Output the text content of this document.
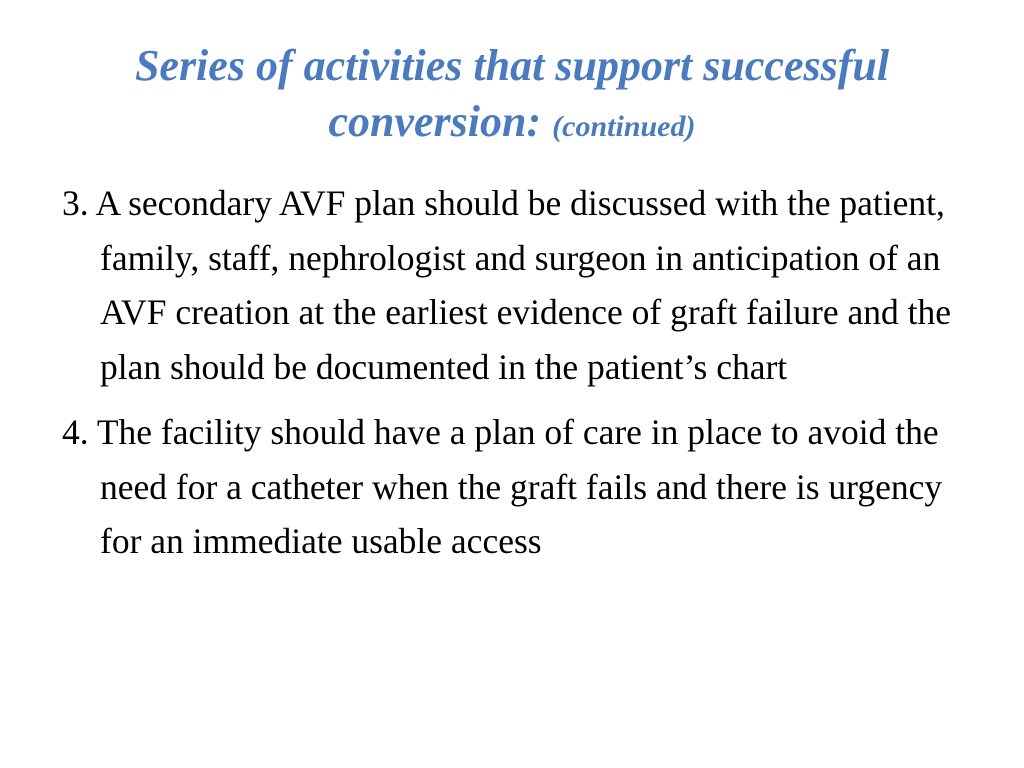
Series of activities that support successful
conversion: (continued)

3. A secondary AVF plan should be discussed with the patient, family, staff, nephrologist and surgeon in anticipation of an AVF creation at the earliest evidence of graft failure and the plan should be documented in the patient’s chart

4. The facility should have a plan of care in place to avoid the need for a catheter when the graft fails and there is urgency for an immediate usable access
